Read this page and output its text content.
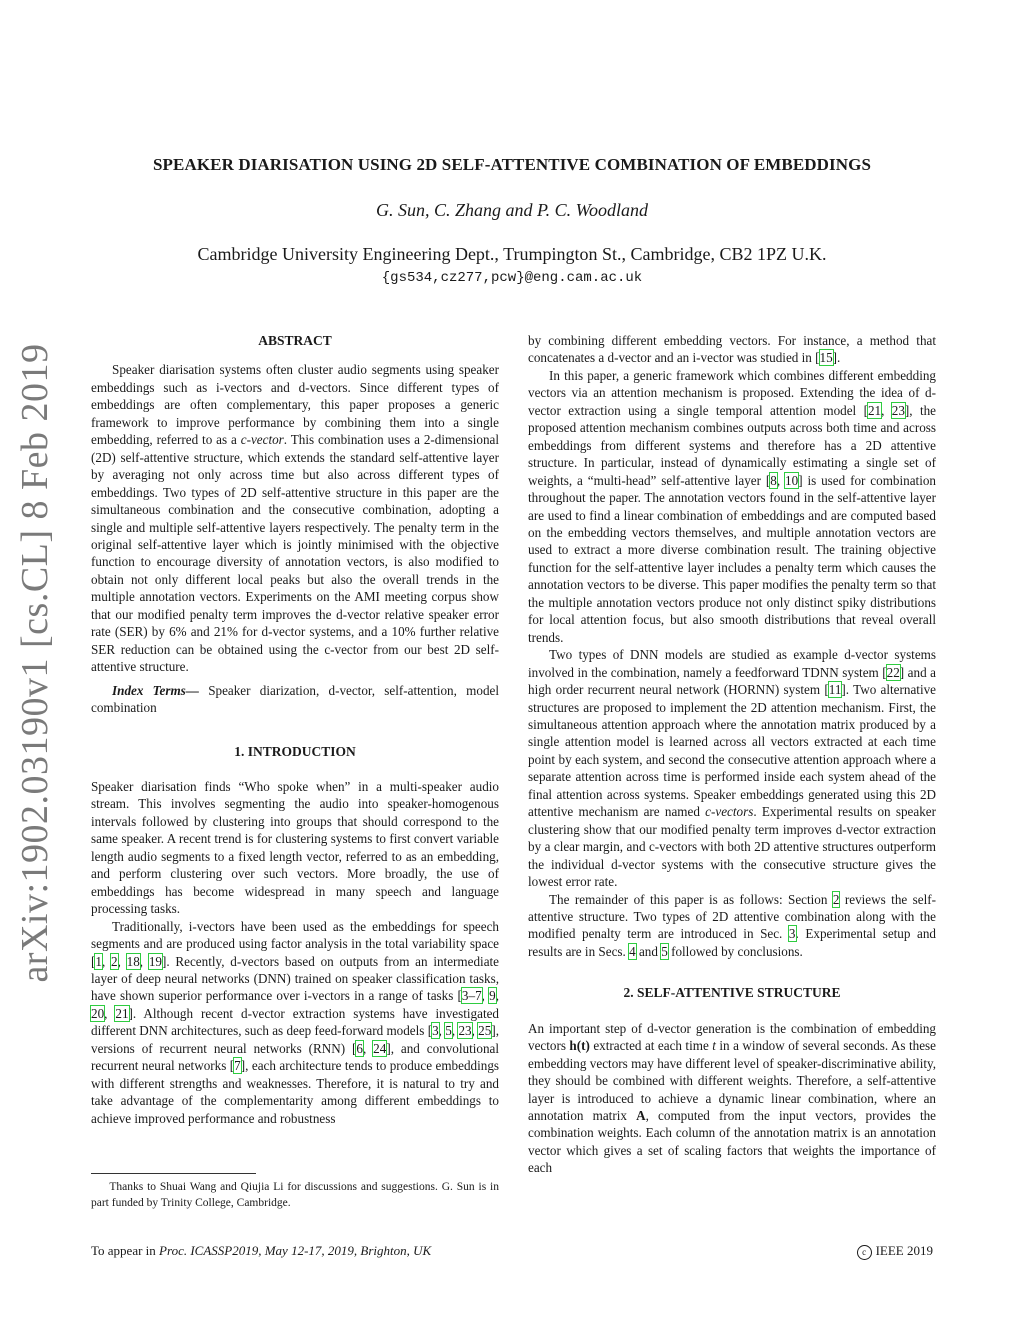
arXiv:1902.03190v1 [cs.CL] 8 Feb 2019
SPEAKER DIARISATION USING 2D SELF-ATTENTIVE COMBINATION OF EMBEDDINGS
G. Sun, C. Zhang and P. C. Woodland
Cambridge University Engineering Dept., Trumpington St., Cambridge, CB2 1PZ U.K.
{gs534,cz277,pcw}@eng.cam.ac.uk
ABSTRACT

Speaker diarisation systems often cluster audio segments using speaker embeddings such as i-vectors and d-vectors. Since different types of embeddings are often complementary, this paper proposes a generic framework to improve performance by combining them into a single embedding, referred to as a c-vector. This combination uses a 2-dimensional (2D) self-attentive structure, which extends the standard self-attentive layer by averaging not only across time but also across different types of embeddings. Two types of 2D self-attentive structure in this paper are the simultaneous combination and the consecutive combination, adopting a single and multiple self-attentive layers respectively. The penalty term in the original self-attentive layer which is jointly minimised with the objective function to encourage diversity of annotation vectors, is also modified to obtain not only different local peaks but also the overall trends in the multiple annotation vectors. Experiments on the AMI meeting corpus show that our modified penalty term improves the d-vector relative speaker error rate (SER) by 6% and 21% for d-vector systems, and a 10% further relative SER reduction can be obtained using the c-vector from our best 2D self-attentive structure.

Index Terms— Speaker diarization, d-vector, self-attention, model combination

1. INTRODUCTION

Speaker diarisation finds “Who spoke when” in a multi-speaker audio stream. This involves segmenting the audio into speaker-homogenous intervals followed by clustering into groups that should correspond to the same speaker. A recent trend is for clustering systems to first convert variable length audio segments to a fixed length vector, referred to as an embedding, and perform clustering over such vectors. More broadly, the use of embeddings has become widespread in many speech and language processing tasks.

Traditionally, i-vectors have been used as the embeddings for speech segments and are produced using factor analysis in the total variability space [1, 2, 18, 19]. Recently, d-vectors based on outputs from an intermediate layer of deep neural networks (DNN) trained on speaker classification tasks, have shown superior performance over i-vectors in a range of tasks [3–7, 9, 20, 21]. Although recent d-vector extraction systems have investigated different DNN architectures, such as deep feed-forward models [3, 5, 23, 25], versions of recurrent neural networks (RNN) [6, 24], and convolutional recurrent neural networks [7], each architecture tends to produce embeddings with different strengths and weaknesses. Therefore, it is natural to try and take advantage of the complementarity among different embeddings to achieve improved performance and robustness

Thanks to Shuai Wang and Qiujia Li for discussions and suggestions. G. Sun is in part funded by Trinity College, Cambridge.

by combining different embedding vectors. For instance, a method that concatenates a d-vector and an i-vector was studied in [15].

In this paper, a generic framework which combines different embedding vectors via an attention mechanism is proposed. Extending the idea of d-vector extraction using a single temporal attention model [21, 23], the proposed attention mechanism combines outputs across both time and across embeddings from different systems and therefore has a 2D attentive structure. In particular, instead of dynamically estimating a single set of weights, a “multi-head” self-attentive layer [8, 10] is used for combination throughout the paper. The annotation vectors found in the self-attentive layer are used to find a linear combination of embeddings and are computed based on the embedding vectors themselves, and multiple annotation vectors are used to extract a more diverse combination result. The training objective function for the self-attentive layer includes a penalty term which causes the annotation vectors to be diverse. This paper modifies the penalty term so that the multiple annotation vectors produce not only distinct spiky distributions for local attention focus, but also smooth distributions that reveal overall trends.

Two types of DNN models are studied as example d-vector systems involved in the combination, namely a feedforward TDNN system [22] and a high order recurrent neural network (HORNN) system [11]. Two alternative structures are proposed to implement the 2D attention mechanism. First, the simultaneous attention approach where the annotation matrix produced by a single attention model is learned across all vectors extracted at each time point by each system, and second the consecutive attention approach where a separate attention across time is performed inside each system ahead of the final attention across systems. Speaker embeddings generated using this 2D attentive mechanism are named c-vectors. Experimental results on speaker clustering show that our modified penalty term improves d-vector extraction by a clear margin, and c-vectors with both 2D attentive structures outperform the individual d-vector systems with the consecutive structure gives the lowest error rate.

The remainder of this paper is as follows: Section 2 reviews the self-attentive structure. Two types of 2D attentive combination along with the modified penalty term are introduced in Sec. 3. Experimental setup and results are in Secs. 4 and 5 followed by conclusions.

2. SELF-ATTENTIVE STRUCTURE

An important step of d-vector generation is the combination of embedding vectors h(t) extracted at each time t in a window of several seconds. As these embedding vectors may have different level of speaker-discriminative ability, they should be combined with different weights. Therefore, a self-attentive layer is introduced to achieve a dynamic linear combination, where an annotation matrix A, computed from the input vectors, provides the combination weights. Each column of the annotation matrix is an annotation vector which gives a set of scaling factors that weights the importance of each

To appear in Proc. ICASSP2019, May 12-17, 2019, Brighton, UK	c IEEE 2019
